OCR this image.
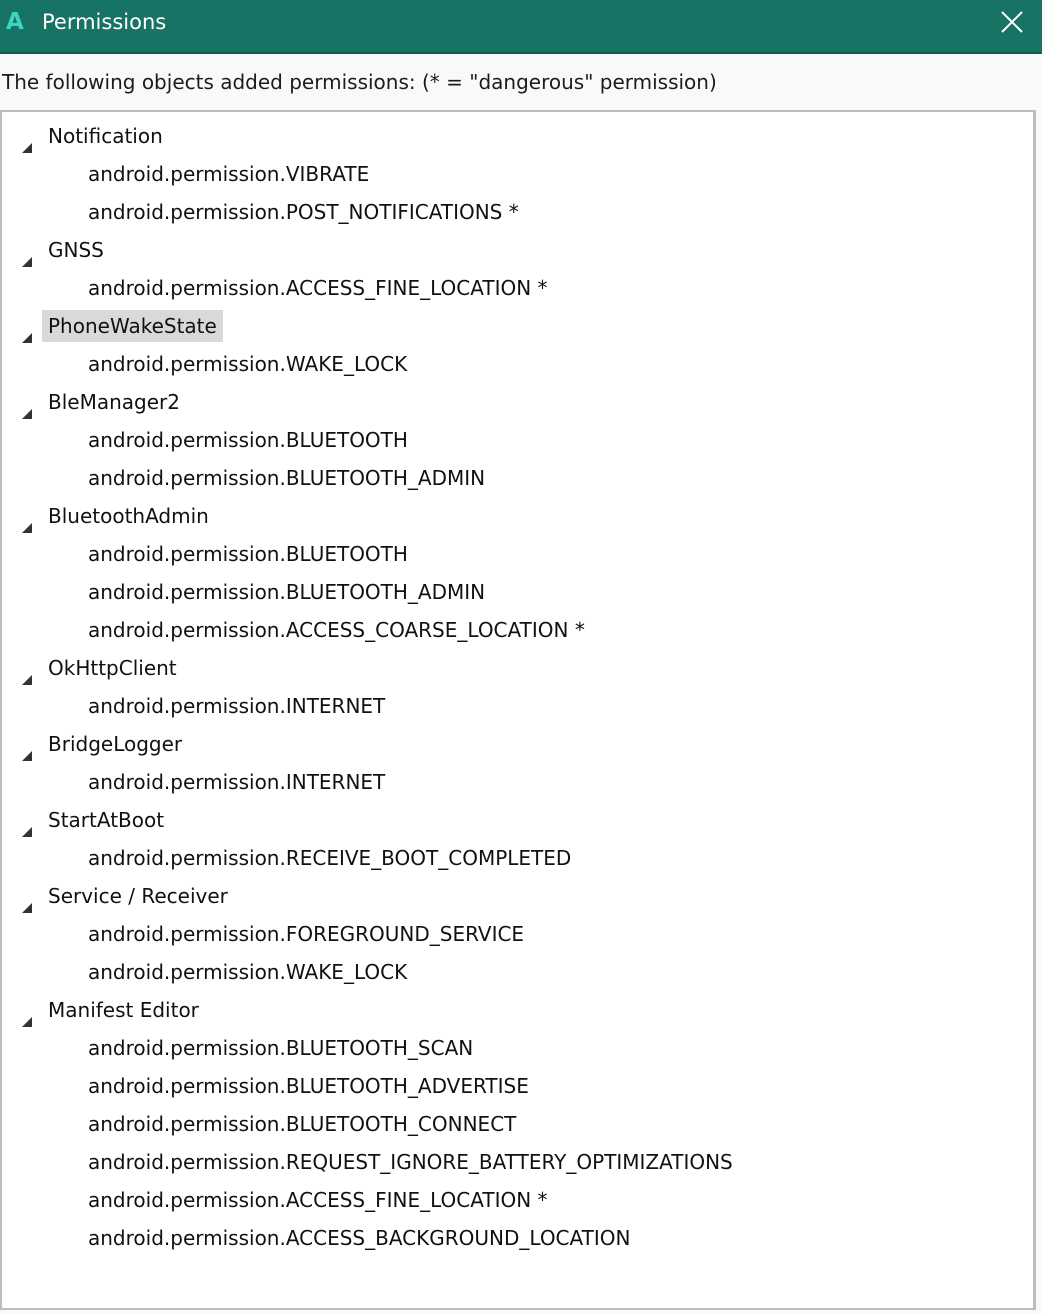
A Permissions
The following objects added permissions: (* = "dangerous" permission)
Notification
android.permission.VIBRATE
android.permission.POST_NOTIFICATIONS *
GNSS
android.permission.ACCESS_FINE_LOCATION *
PhoneWakeState
android.permission.WAKE_LOCK
BleManager2
android.permission.BLUETOOTH
android.permission.BLUETOOTH_ADMIN
BluetoothAdmin
android.permission.BLUETOOTH
android.permission.BLUETOOTH_ADMIN
android.permission.ACCESS_COARSE_LOCATION *
OkHttpClient
android.permission.INTERNET
BridgeLogger
android.permission.INTERNET
StartAtBoot
android.permission.RECEIVE_BOOT_COMPLETED
Service / Receiver
android.permission.FOREGROUND_SERVICE
android.permission.WAKE_LOCK
Manifest Editor
android.permission.BLUETOOTH_SCAN
android.permission.BLUETOOTH_ADVERTISE
android.permission.BLUETOOTH_CONNECT
android.permission.REQUEST_IGNORE_BATTERY_OPTIMIZATIONS
android.permission.ACCESS_FINE_LOCATION *
android.permission.ACCESS_BACKGROUND_LOCATION
